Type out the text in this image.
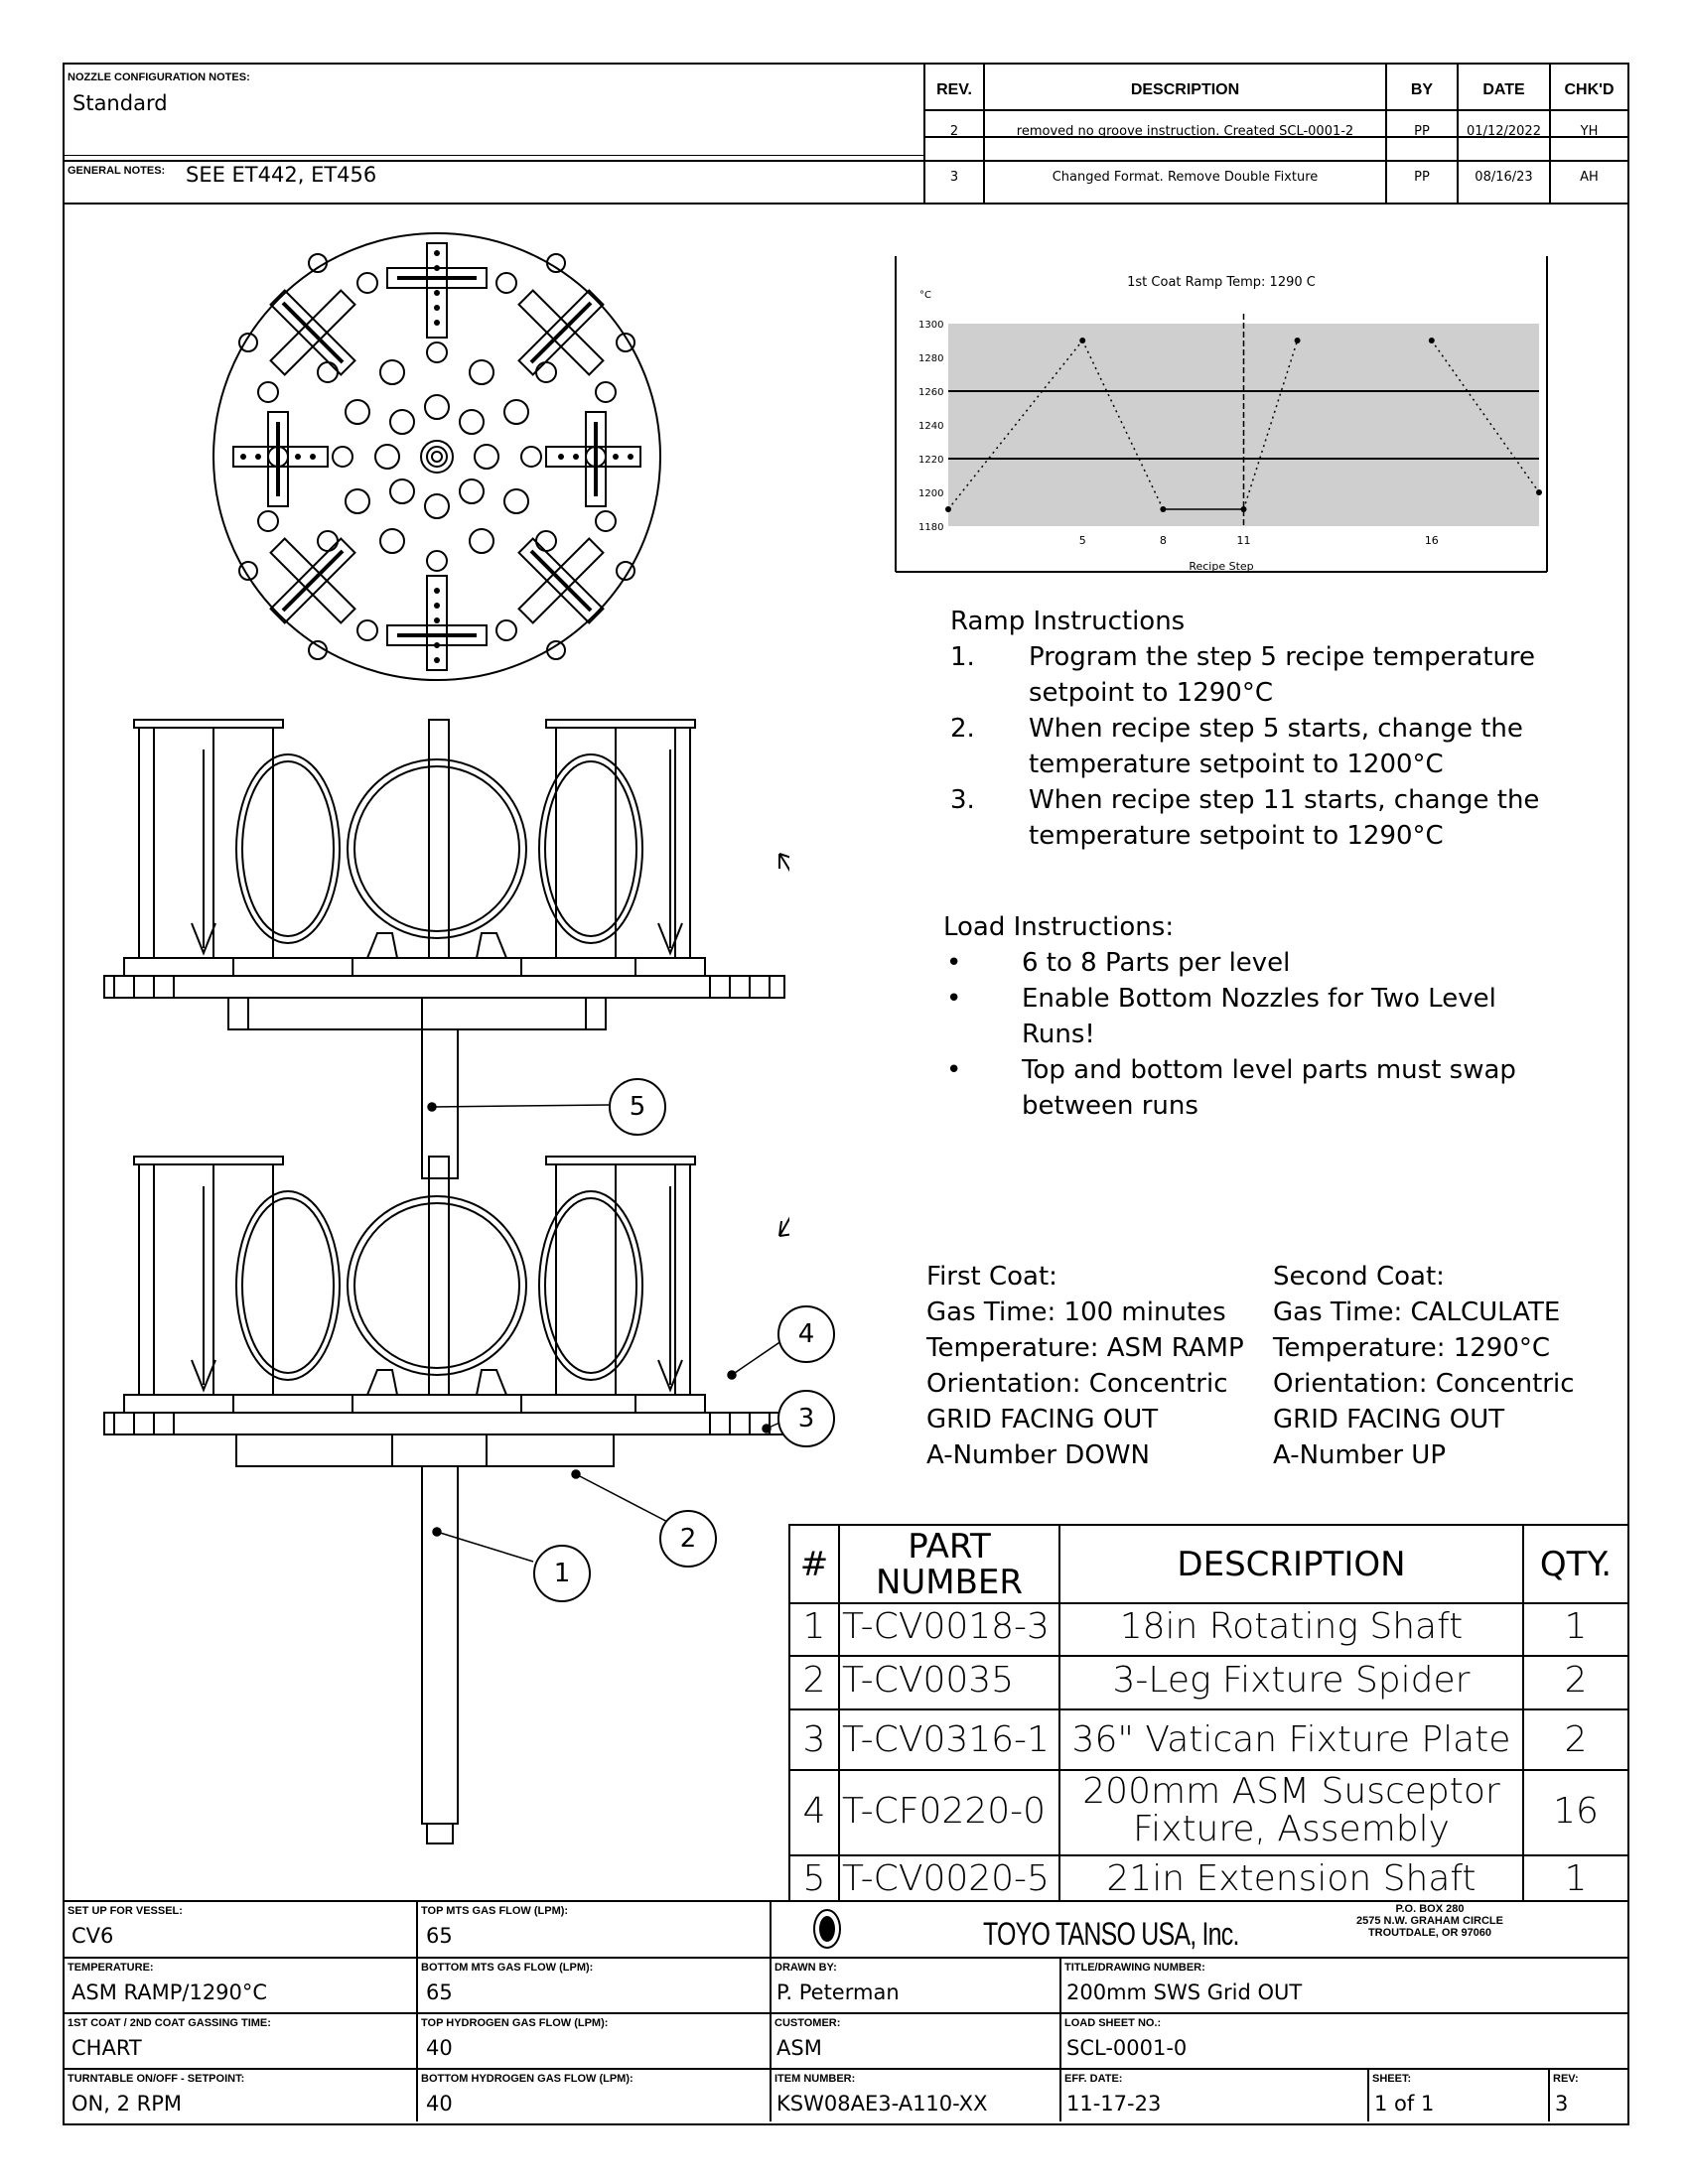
NOZZLE CONFIGURATION NOTES:
Standard
GENERAL NOTES: SEE ET442, ET456
REV.	DESCRIPTION	BY	DATE	CHK'D
2	removed no groove instruction. Created SCL-0001-2	PP	01/12/2022	YH
3	Changed Format. Remove Double Fixture	PP	08/16/23	AH
1st Coat Ramp Temp: 1290 C
°C
Recipe Step
1300
1280
1260
1240
1220
1200
1180
5	8	11	16
Ramp Instructions
1. Program the step 5 recipe temperature
setpoint to 1290°C
2. When recipe step 5 starts, change the
temperature setpoint to 1200°C
3. When recipe step 11 starts, change the
temperature setpoint to 1290°C
Load Instructions:
• 6 to 8 Parts per level
• Enable Bottom Nozzles for Two Level
Runs!
• Top and bottom level parts must swap
between runs
First Coat:
Gas Time: 100 minutes
Temperature: ASM RAMP
Orientation: Concentric
GRID FACING OUT
A-Number DOWN
Second Coat:
Gas Time: CALCULATE
Temperature: 1290°C
Orientation: Concentric
GRID FACING OUT
A-Number UP
1
2
3
4
5
#	PART
NUMBER	DESCRIPTION	QTY.
1 T-CV0018-3	18in Rotating Shaft	1
2 T-CV0035	3-Leg Fixture Spider	2
3 T-CV0316-1 36" Vatican Fixture Plate	2
4 T-CF0220-0	200mm ASM Susceptor
Fixture, Assembly	16
5 T-CV0020-5	21in Extension Shaft	1
SET UP FOR VESSEL:
CV6
TEMPERATURE:
ASM RAMP/1290°C
1ST COAT / 2ND COAT GASSING TIME:
CHART
TURNTABLE ON/OFF - SETPOINT:
ON, 2 RPM
TOP MTS GAS FLOW (LPM):
65
BOTTOM MTS GAS FLOW (LPM):
65
TOP HYDROGEN GAS FLOW (LPM):
40
BOTTOM HYDROGEN GAS FLOW (LPM):
40
TOYO TANSO USA, Inc.
P.O. BOX 280
2575 N.W. GRAHAM CIRCLE
TROUTDALE, OR 97060
DRAWN BY:
P. Peterman
TITLE/DRAWING NUMBER:
200mm SWS Grid OUT
CUSTOMER:
ASM
LOAD SHEET NO.:
SCL-0001-0
ITEM NUMBER:
KSW08AE3-A110-XX
EFF. DATE:
11-17-23
SHEET:
1 of 1
REV:
3
